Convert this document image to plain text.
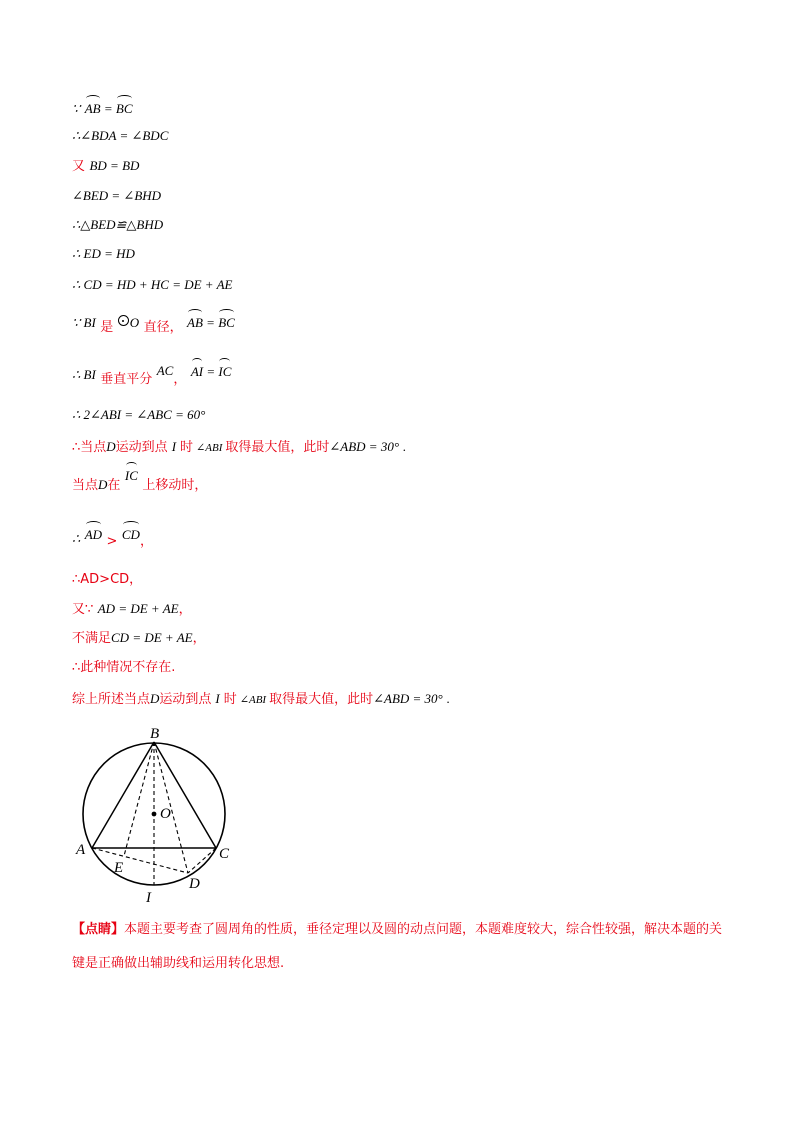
∵ AB = BC
∴∠BDA = ∠BDC
又 BD = BD
∠BED = ∠BHD
∴△BED≌△BHD
∴ ED = HD
∴ CD = HD + HC = DE + AE
∵ BI 是 O 直径， AB = BC
∴ BI 垂直平分 AC， AI = IC
∴ 2∠ABI = ∠ABC = 60°
∴当点D运动到点 I 时 ∠ABI 取得最大值，此时∠ABD = 30° .
当点D在 IC 上移动时，
∴ AD > CD，
∴AD>CD，
又∵ AD = DE + AE，
不满足CD = DE + AE，
∴此种情况不存在.
综上所述当点D运动到点 I 时 ∠ABI 取得最大值，此时∠ABD = 30° .
B
O
A	C
E
D
I
【点睛】本题主要考查了圆周角的性质，垂径定理以及圆的动点问题，本题难度较大，综合性较强，解决本题的关键是正确做出辅助线和运用转化思想.
